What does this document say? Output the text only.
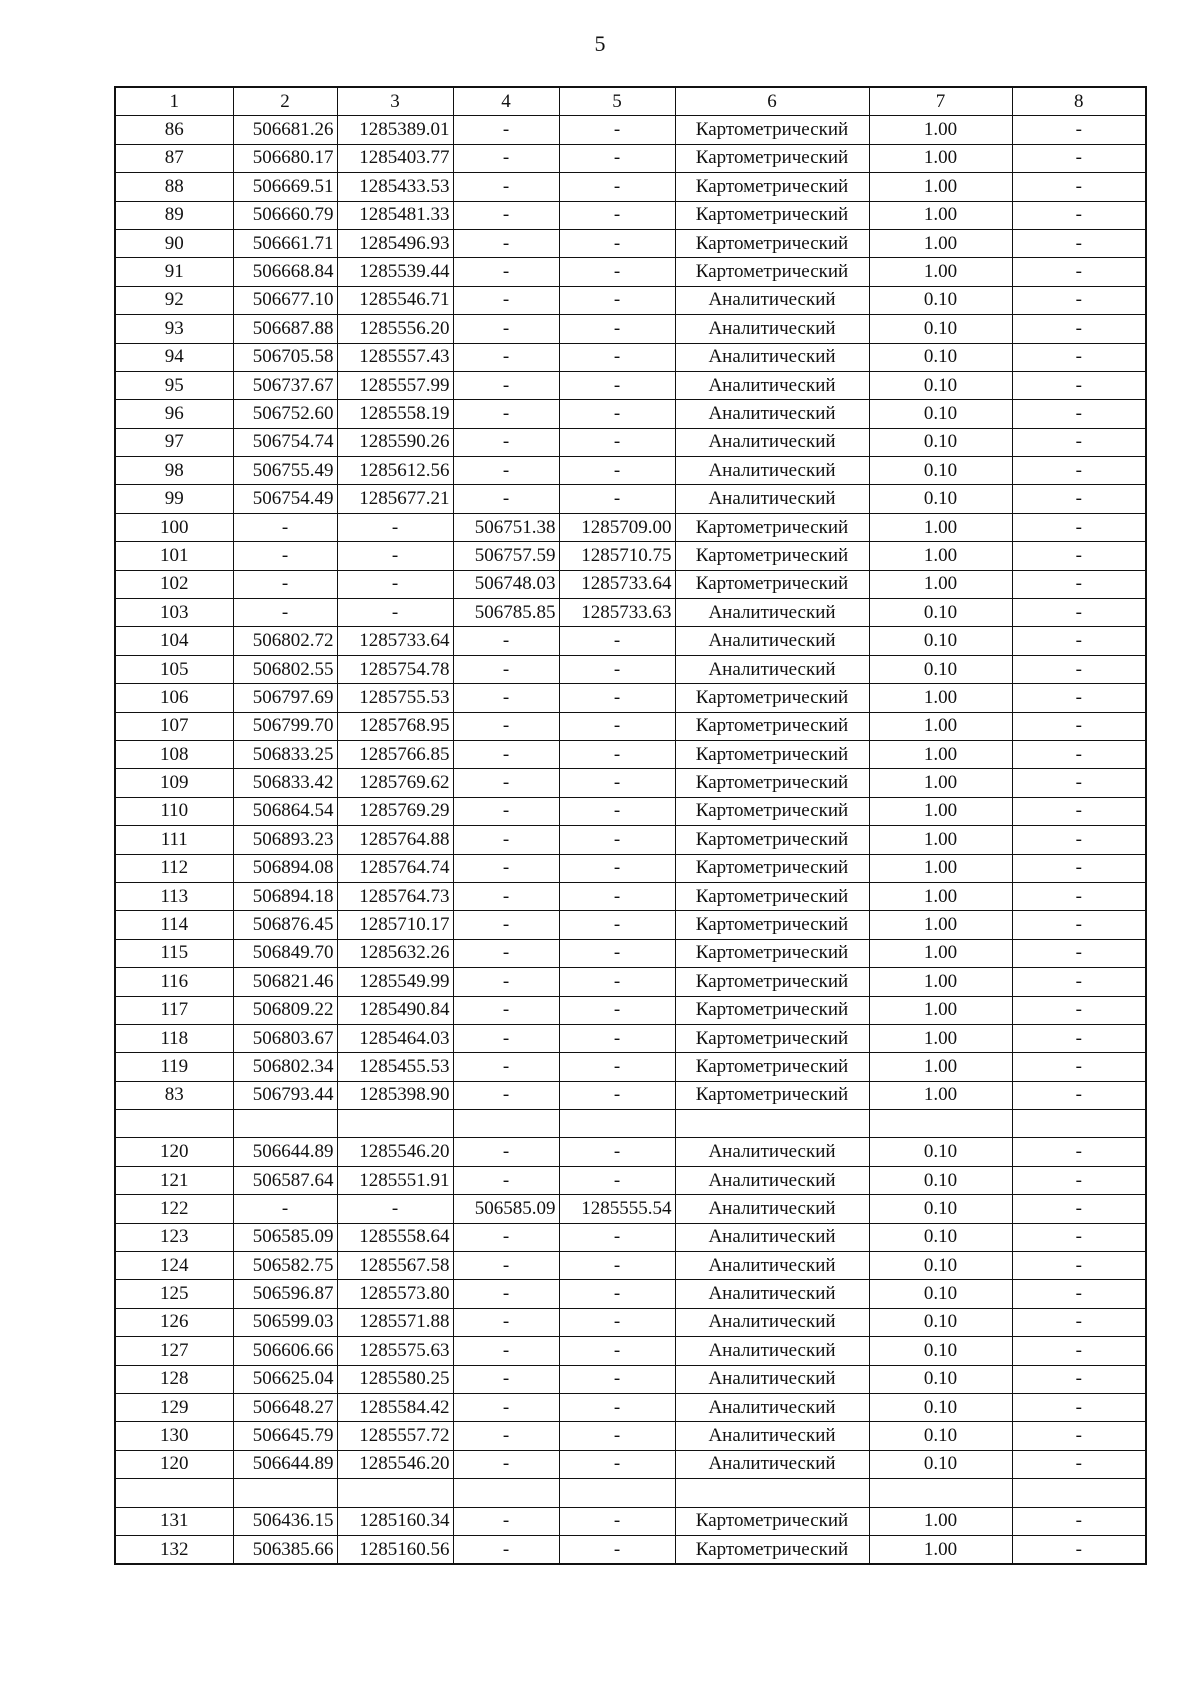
5
1	2	3	4	5	6	7	8
86	506681.26	1285389.01	-	-	Картометрический	1.00	-
87	506680.17	1285403.77	-	-	Картометрический	1.00	-
88	506669.51	1285433.53	-	-	Картометрический	1.00	-
89	506660.79	1285481.33	-	-	Картометрический	1.00	-
90	506661.71	1285496.93	-	-	Картометрический	1.00	-
91	506668.84	1285539.44	-	-	Картометрический	1.00	-
92	506677.10	1285546.71	-	-	Аналитический	0.10	-
93	506687.88	1285556.20	-	-	Аналитический	0.10	-
94	506705.58	1285557.43	-	-	Аналитический	0.10	-
95	506737.67	1285557.99	-	-	Аналитический	0.10	-
96	506752.60	1285558.19	-	-	Аналитический	0.10	-
97	506754.74	1285590.26	-	-	Аналитический	0.10	-
98	506755.49	1285612.56	-	-	Аналитический	0.10	-
99	506754.49	1285677.21	-	-	Аналитический	0.10	-
100	-	-	506751.38	1285709.00	Картометрический	1.00	-
101	-	-	506757.59	1285710.75	Картометрический	1.00	-
102	-	-	506748.03	1285733.64	Картометрический	1.00	-
103	-	-	506785.85	1285733.63	Аналитический	0.10	-
104	506802.72	1285733.64	-	-	Аналитический	0.10	-
105	506802.55	1285754.78	-	-	Аналитический	0.10	-
106	506797.69	1285755.53	-	-	Картометрический	1.00	-
107	506799.70	1285768.95	-	-	Картометрический	1.00	-
108	506833.25	1285766.85	-	-	Картометрический	1.00	-
109	506833.42	1285769.62	-	-	Картометрический	1.00	-
110	506864.54	1285769.29	-	-	Картометрический	1.00	-
111	506893.23	1285764.88	-	-	Картометрический	1.00	-
112	506894.08	1285764.74	-	-	Картометрический	1.00	-
113	506894.18	1285764.73	-	-	Картометрический	1.00	-
114	506876.45	1285710.17	-	-	Картометрический	1.00	-
115	506849.70	1285632.26	-	-	Картометрический	1.00	-
116	506821.46	1285549.99	-	-	Картометрический	1.00	-
117	506809.22	1285490.84	-	-	Картометрический	1.00	-
118	506803.67	1285464.03	-	-	Картометрический	1.00	-
119	506802.34	1285455.53	-	-	Картометрический	1.00	-
83	506793.44	1285398.90	-	-	Картометрический	1.00	-

120	506644.89	1285546.20	-	-	Аналитический	0.10	-
121	506587.64	1285551.91	-	-	Аналитический	0.10	-
122	-	-	506585.09	1285555.54	Аналитический	0.10	-
123	506585.09	1285558.64	-	-	Аналитический	0.10	-
124	506582.75	1285567.58	-	-	Аналитический	0.10	-
125	506596.87	1285573.80	-	-	Аналитический	0.10	-
126	506599.03	1285571.88	-	-	Аналитический	0.10	-
127	506606.66	1285575.63	-	-	Аналитический	0.10	-
128	506625.04	1285580.25	-	-	Аналитический	0.10	-
129	506648.27	1285584.42	-	-	Аналитический	0.10	-
130	506645.79	1285557.72	-	-	Аналитический	0.10	-
120	506644.89	1285546.20	-	-	Аналитический	0.10	-

131	506436.15	1285160.34	-	-	Картометрический	1.00	-
132	506385.66	1285160.56	-	-	Картометрический	1.00	-
